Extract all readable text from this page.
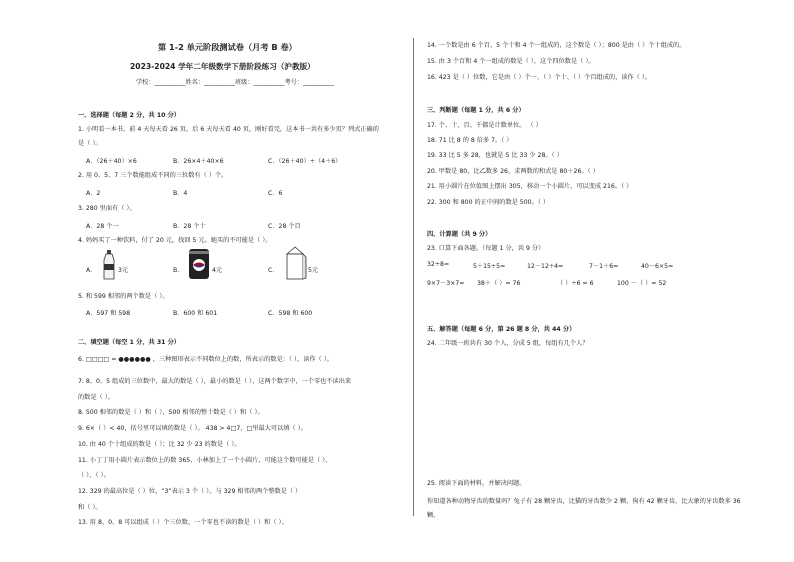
第 1-2 单元阶段测试卷（月考 B 卷）
2023-2024 学年二年级数学下册阶段练习（沪教版）
学校：__________姓名：__________班级：__________考号：__________
一、选择题（每题 2 分，共 10 分）
1. 小明看一本书，前 4 天每天看 26 页，后 6 天每天看 40 页，刚好看完，这本书一共有多少页？列式正确的
是（ ）。
A．（26＋40）×6	B．26×4＋40×6	C．（26＋40）÷（4＋6）
2. 用 0、5、7 三个数能组成不同的三位数有（ ）个。
A．2	B．4	C．6
3. 280 里面有（ ）。
A．28 个一	B．28 个十	C．28 个百
4. 妈妈买了一种饮料，付了 20 元，找回 5 元。她买的不可能是（ ）。
A．	3元	B．	4元	C．	5元
5. 和 599 相邻的两个数是（ ）。
A．597 和 598	B．600 和 601	C．598 和 600
二、填空题（每空 1 分，共 31 分）
6. □□□□ = ●●●●●● ，三种图形表示不同数位上的数，所表示的数是：（ ），读作（ ）。
7. 8、0、5 组成的三位数中，最大的数是（ ），最小的数是（ ），这两个数字中，一个零也不读出来
的数是（ ）。
8. 500 相邻的数是（ ）和（ ），500 相邻的整十数是（ ）和（ ）。
9. 6×（ ）< 40，括号里可以填的数是（ ）。 438 > 4□7，□里最大可以填（ ）。
10. 由 40 个十组成的数是（ ）；比 32 少 23 的数是（ ）。
11. 小丁丁用小圆片表示数位上的数 365，小林加上了一个小圆片，可能这个数可能是（ ）、
（ ）、（ ）。
12. 329 的最高位是（ ）位，“3”表示 3 个（ ）。与 329 相邻的两个整数是（ ）
和（ ）。
13. 用 8、0、8 可以组成（ ）个三位数，一个零也不读的数是（ ）和（ ）。
14. 一个数是由 6 个百、5 个十和 4 个一组成的，这个数是（ ）；800 是由（ ）个十组成的。
15. 由 3 个百和 4 个一组成的数是（ ），这个四位数是（ ）。
16. 423 是（ ）位数，它是由（ ）个一、（ ）个十、（ ）个百组成的，读作（ ）。
三、判断题（每题 1 分，共 6 分）
17. 个、十、百、千都是计数单位。 （ ）
18. 71 比 8 的 8 倍多 7。（ ）
19. 33 比 5 多 28，也就是 5 比 33 少 28。（ ）
20. 甲数是 80，比乙数多 26，求两数的和式是 80＋26。（ ）
21. 用小圆片在位值图上摆出 305，移动一个小圆片，可以变成 216。（ ）
22. 300 和 800 的正中间的数是 500。（ ）
四、计算题（共 9 分）
23. 口算下面各题。（每题 1 分，共 9 分）
32÷8=	5＋15÷5=	12－12÷4=	7－1＋6=	40－6×5=
9×7－3×7= 38＋（ ）= 76	（ ）÷6 = 6	100 －（ ）= 52
五、解答题（每题 6 分，第 26 题 8 分，共 44 分）
24. 二年级一班共有 30 个人，分成 5 组，每组有几个人？
25. 阅读下面的材料，并解决问题。
你知道各种动物牙齿的数量吗？兔子有 28 颗牙齿，比猫的牙齿数少 2 颗，狗有 42 颗牙齿，比大象的牙齿数多 36 颗。
